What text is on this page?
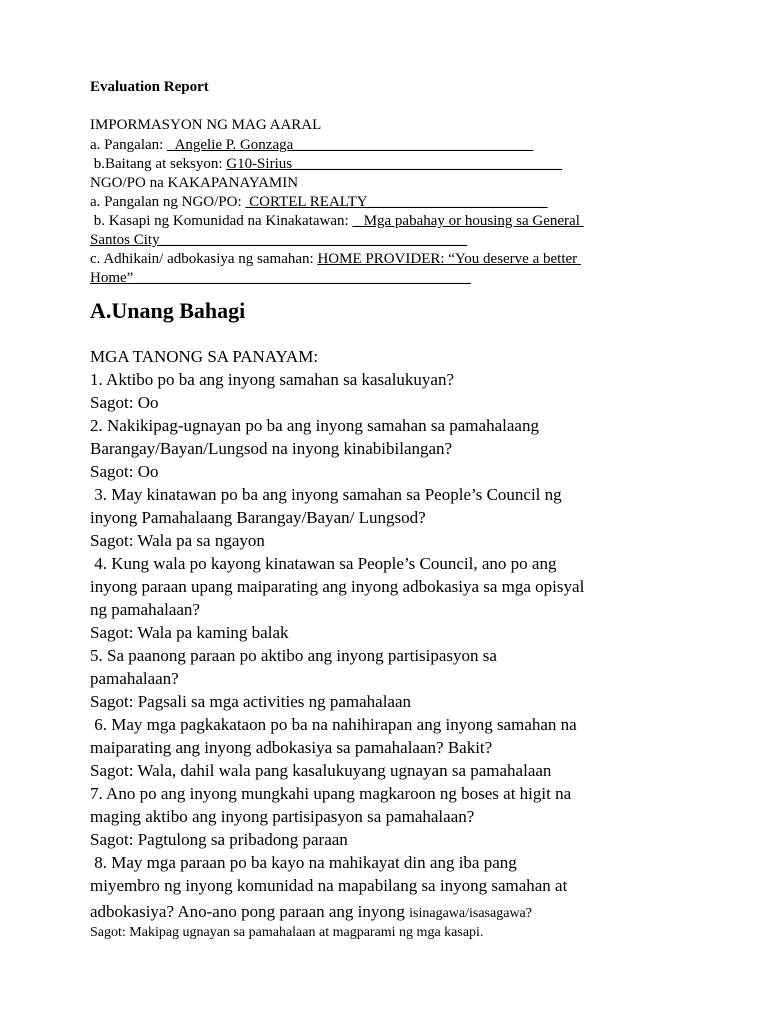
Evaluation Report
IMPORMASYON NG MAG AARAL
a. Pangalan: _Angelie P. Gonzaga________________________________
b.Baitang at seksyon: G10-Sirius____________________________________
NGO/PO na KAKAPANAYAMIN
a. Pangalan ng NGO/PO:  CORTEL REALTY________________________
b. Kasapi ng Komunidad na Kinakatawan:  _Mga pabahay or housing sa General
Santos City_________________________________________
c. Adhikain/ adbokasiya ng samahan: HOME PROVIDER: “You deserve a better
Home”_____________________________________________
A.Unang Bahagi
MGA TANONG SA PANAYAM:
1. Aktibo po ba ang inyong samahan sa kasalukuyan?
Sagot: Oo
2. Nakikipag-ugnayan po ba ang inyong samahan sa pamahalaang
Barangay/Bayan/Lungsod na inyong kinabibilangan?
Sagot: Oo
3. May kinatawan po ba ang inyong samahan sa People’s Council ng
inyong Pamahalaang Barangay/Bayan/ Lungsod?
Sagot: Wala pa sa ngayon
4. Kung wala po kayong kinatawan sa People’s Council, ano po ang
inyong paraan upang maiparating ang inyong adbokasiya sa mga opisyal
ng pamahalaan?
Sagot: Wala pa kaming balak
5. Sa paanong paraan po aktibo ang inyong partisipasyon sa
pamahalaan?
Sagot: Pagsali sa mga activities ng pamahalaan
6. May mga pagkakataon po ba na nahihirapan ang inyong samahan na
maiparating ang inyong adbokasiya sa pamahalaan? Bakit?
Sagot: Wala, dahil wala pang kasalukuyang ugnayan sa pamahalaan
7. Ano po ang inyong mungkahi upang magkaroon ng boses at higit na
maging aktibo ang inyong partisipasyon sa pamahalaan?
Sagot: Pagtulong sa pribadong paraan
8. May mga paraan po ba kayo na mahikayat din ang iba pang
miyembro ng inyong komunidad na mapabilang sa inyong samahan at
adbokasiya? Ano-ano pong paraan ang inyong isinagawa/isasagawa?
Sagot: Makipag ugnayan sa pamahalaan at magparami ng mga kasapi.
